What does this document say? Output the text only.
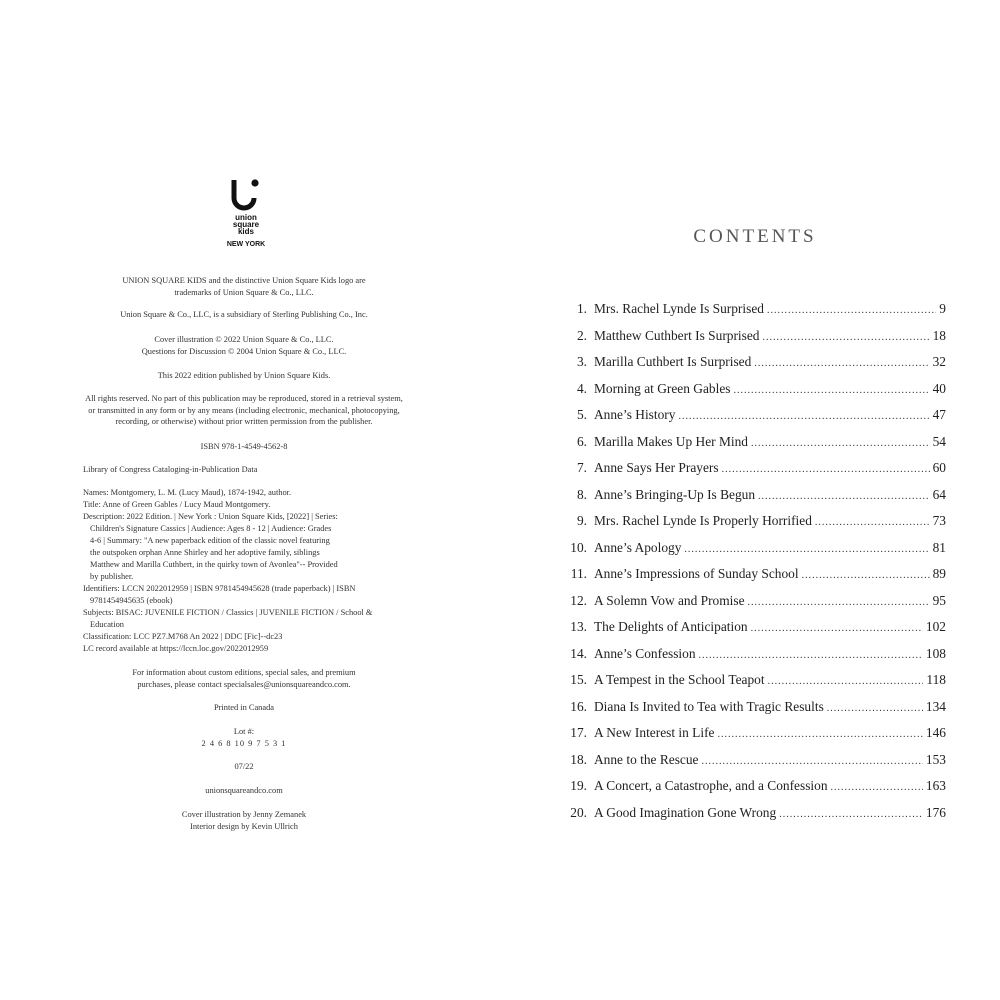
union
square
kids
NEW YORK
UNION SQUARE KIDS and the distinctive Union Square Kids logo are
trademarks of Union Square & Co., LLC.
Union Square & Co., LLC, is a subsidiary of Sterling Publishing Co., Inc.
Cover illustration © 2022 Union Square & Co., LLC.
Questions for Discussion © 2004 Union Square & Co., LLC.
This 2022 edition published by Union Square Kids.
All rights reserved. No part of this publication may be reproduced, stored in a retrieval system,
or transmitted in any form or by any means (including electronic, mechanical, photocopying,
recording, or otherwise) without prior written permission from the publisher.
ISBN 978-1-4549-4562-8
Library of Congress Cataloging-in-Publication Data
Names: Montgomery, L. M. (Lucy Maud), 1874-1942, author.
Title: Anne of Green Gables / Lucy Maud Montgomery.
Description: 2022 Edition. | New York : Union Square Kids, [2022] | Series:
Children's Signature Cassics | Audience: Ages 8 - 12 | Audience: Grades
4-6 | Summary: "A new paperback edition of the classic novel featuring
the outspoken orphan Anne Shirley and her adoptive family, siblings
Matthew and Marilla Cuthbert, in the quirky town of Avonlea"-- Provided
by publisher.
Identifiers: LCCN 2022012959 | ISBN 9781454945628 (trade paperback) | ISBN
9781454945635 (ebook)
Subjects: BISAC: JUVENILE FICTION / Classics | JUVENILE FICTION / School &
Education
Classification: LCC PZ7.M768 An 2022 | DDC [Fic]--dc23
LC record available at https://lccn.loc.gov/2022012959
For information about custom editions, special sales, and premium
purchases, please contact specialsales@unionsquareandco.com.
Printed in Canada
Lot #:
2 4 6 8 10 9 7 5 3 1
07/22
unionsquareandco.com
Cover illustration by Jenny Zemanek
Interior design by Kevin Ullrich
CONTENTS
1. Mrs. Rachel Lynde Is Surprised .....	9
2. Matthew Cuthbert Is Surprised .....	18
3. Marilla Cuthbert Is Surprised .....	32
4. Morning at Green Gables .....	40
5. Anne’s History .....	47
6. Marilla Makes Up Her Mind .....	54
7. Anne Says Her Prayers .....	60
8. Anne’s Bringing-Up Is Begun .....	64
9. Mrs. Rachel Lynde Is Properly Horrified .....	73
10. Anne’s Apology .....	81
11. Anne’s Impressions of Sunday School .....	89
12. A Solemn Vow and Promise .....	95
13. The Delights of Anticipation .....	102
14. Anne’s Confession .....	108
15. A Tempest in the School Teapot .....	118
16. Diana Is Invited to Tea with Tragic Results .....	134
17. A New Interest in Life .....	146
18. Anne to the Rescue .....	153
19. A Concert, a Catastrophe, and a Confession .....	163
20. A Good Imagination Gone Wrong .....	176
